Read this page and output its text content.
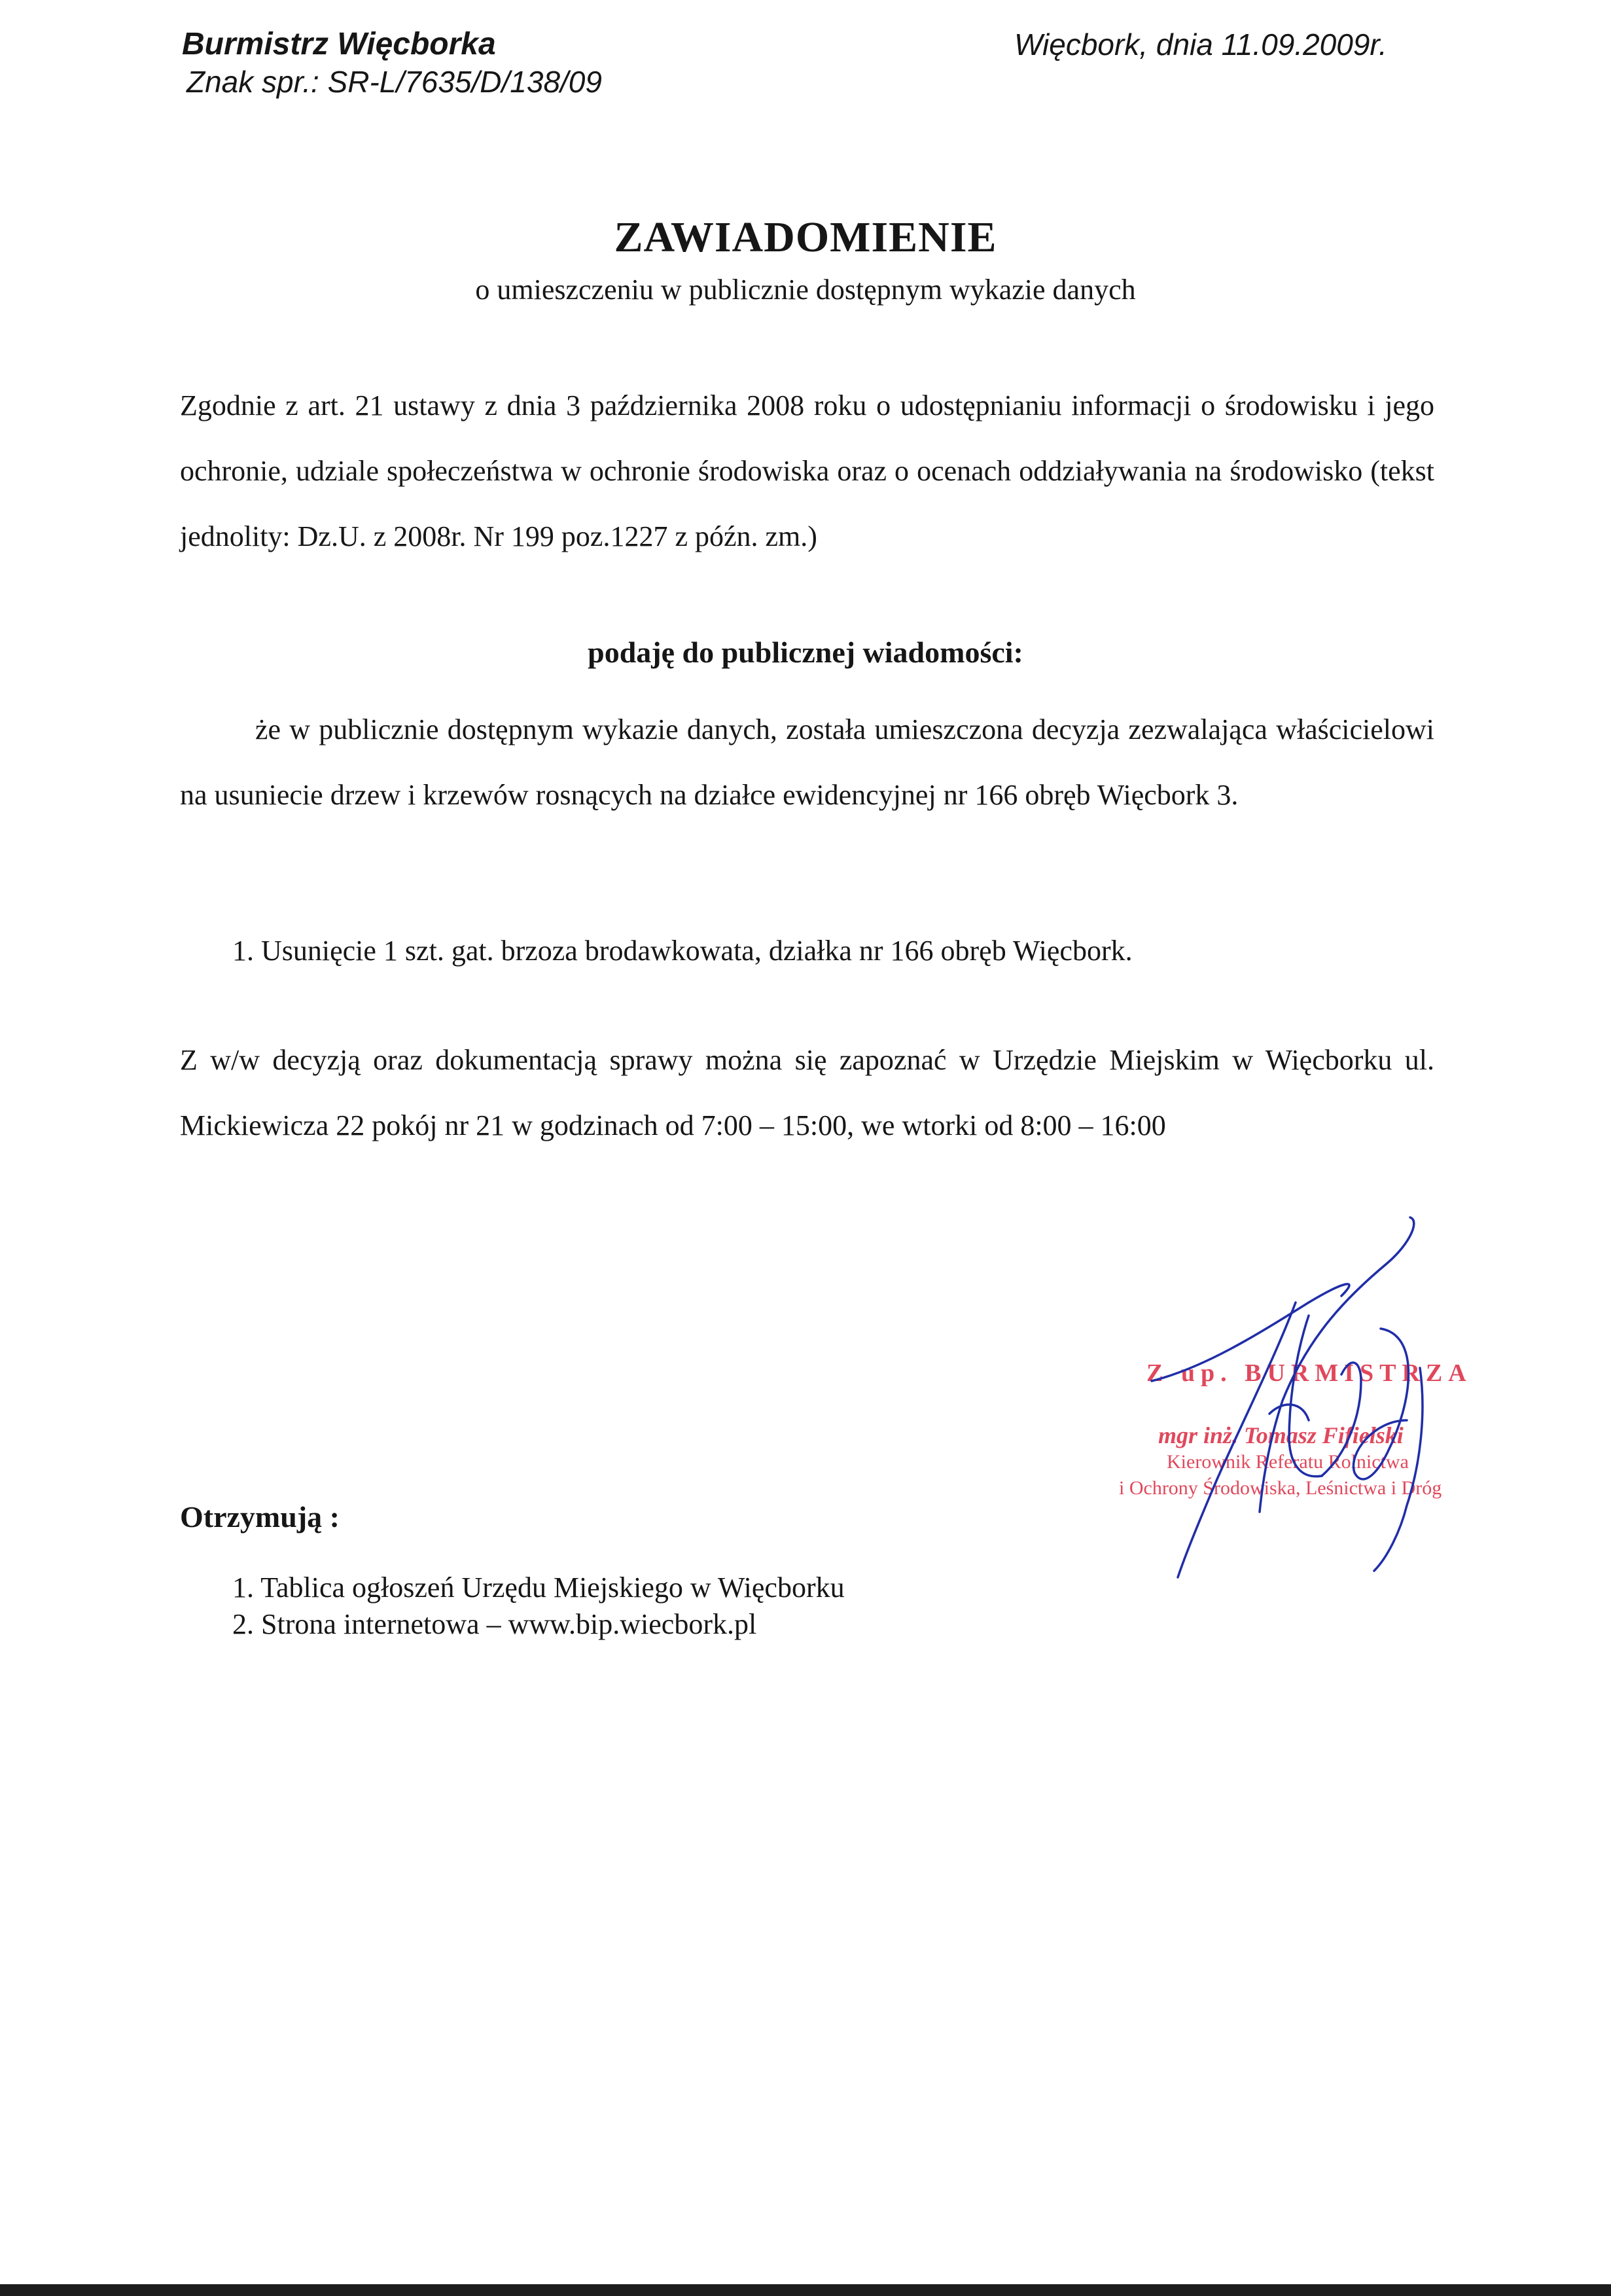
Burmistrz Więcborka
Znak spr.: SR-L/7635/D/138/09
Więcbork, dnia 11.09.2009r.
ZAWIADOMIENIE
o umieszczeniu w publicznie dostępnym wykazie danych
Zgodnie z art. 21 ustawy z dnia 3 października 2008 roku o udostępnianiu informacji o środowisku i jego ochronie, udziale społeczeństwa w ochronie środowiska oraz o ocenach oddziaływania na środowisko (tekst jednolity: Dz.U. z 2008r. Nr 199 poz.1227 z późn. zm.)
podaję do publicznej wiadomości:
że w publicznie dostępnym wykazie danych, została umieszczona decyzja zezwalająca właścicielowi na usuniecie drzew i krzewów rosnących na działce ewidencyjnej nr 166 obręb Więcbork 3.
1. Usunięcie 1 szt. gat. brzoza brodawkowata, działka nr 166 obręb Więcbork.
Z w/w decyzją oraz dokumentacją sprawy można się zapoznać w Urzędzie Miejskim w Więcborku ul. Mickiewicza 22 pokój nr 21 w godzinach od 7:00 – 15:00, we wtorki od 8:00 – 16:00
Z up. BURMISTRZA
mgr inż. Tomasz Fifielski
Kierownik Referatu Rolnictwa
i Ochrony Środowiska, Leśnictwa i Dróg
Otrzymują :
1. Tablica ogłoszeń Urzędu Miejskiego w Więcborku
2. Strona internetowa – www.bip.wiecbork.pl
